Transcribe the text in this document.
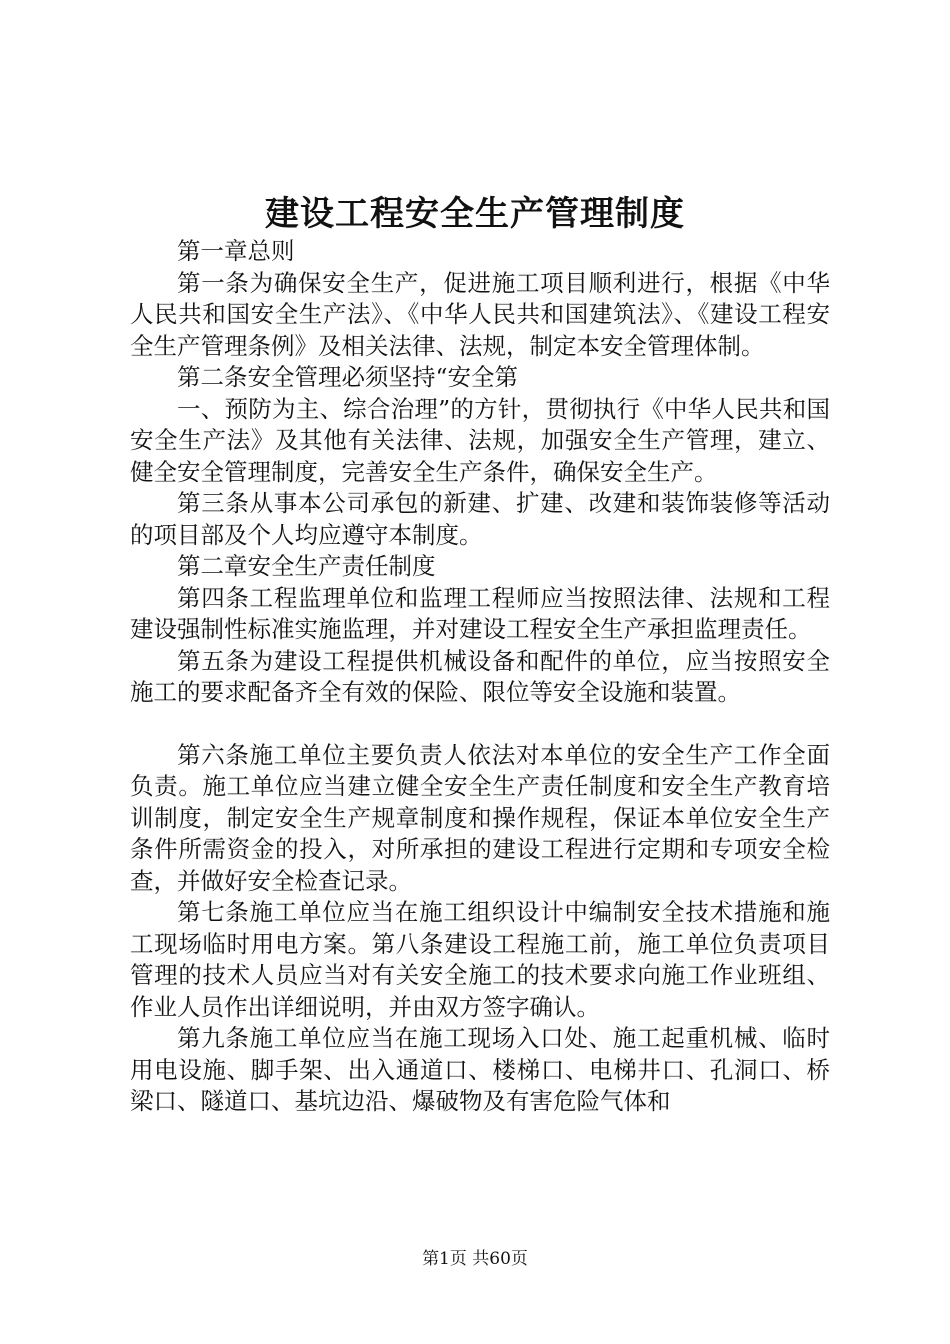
建设工程安全生产管理制度

第一章总则

第一条为确保安全生产，促进施工项目顺利进行，根据《中华人民共和国安全生产法》、《中华人民共和国建筑法》、《建设工程安全生产管理条例》及相关法律、法规，制定本安全管理体制。

第二条安全管理必须坚持“安全第

一、预防为主、综合治理”的方针，贯彻执行《中华人民共和国安全生产法》及其他有关法律、法规，加强安全生产管理，建立、健全安全管理制度，完善安全生产条件，确保安全生产。

第三条从事本公司承包的新建、扩建、改建和装饰装修等活动的项目部及个人均应遵守本制度。

第二章安全生产责任制度

第四条工程监理单位和监理工程师应当按照法律、法规和工程建设强制性标准实施监理，并对建设工程安全生产承担监理责任。

第五条为建设工程提供机械设备和配件的单位，应当按照安全施工的要求配备齐全有效的保险、限位等安全设施和装置。

第六条施工单位主要负责人依法对本单位的安全生产工作全面负责。施工单位应当建立健全安全生产责任制度和安全生产教育培训制度，制定安全生产规章制度和操作规程，保证本单位安全生产条件所需资金的投入，对所承担的建设工程进行定期和专项安全检查，并做好安全检查记录。

第七条施工单位应当在施工组织设计中编制安全技术措施和施工现场临时用电方案。第八条建设工程施工前，施工单位负责项目管理的技术人员应当对有关安全施工的技术要求向施工作业班组、作业人员作出详细说明，并由双方签字确认。

第九条施工单位应当在施工现场入口处、施工起重机械、临时用电设施、脚手架、出入通道口、楼梯口、电梯井口、孔洞口、桥梁口、隧道口、基坑边沿、爆破物及有害危险气体和

第1页 共60页
